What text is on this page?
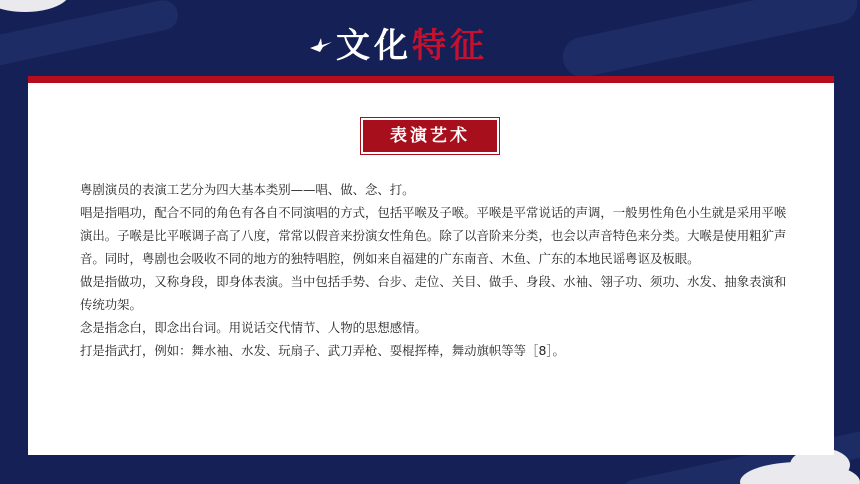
文化特征
表演艺术

粤剧演员的表演工艺分为四大基本类别——唱、做、念、打。

唱是指唱功，配合不同的角色有各自不同演唱的方式，包括平喉及子喉。平喉是平常说话的声调，一般男性角色小生就是采用平喉演出。子喉是比平喉调子高了八度，常常以假音来扮演女性角色。除了以音阶来分类，也会以声音特色来分类。大喉是使用粗犷声音。同时，粤剧也会吸收不同的地方的独特唱腔，例如来自福建的广东南音、木鱼、广东的本地民谣粤讴及板眼。

做是指做功，又称身段，即身体表演。当中包括手势、台步、走位、关目、做手、身段、水袖、翎子功、须功、水发、抽象表演和传统功架。

念是指念白，即念出台词。用说话交代情节、人物的思想感情。

打是指武打，例如：舞水袖、水发、玩扇子、武刀弄枪、耍棍挥棒，舞动旗帜等等［8］。
